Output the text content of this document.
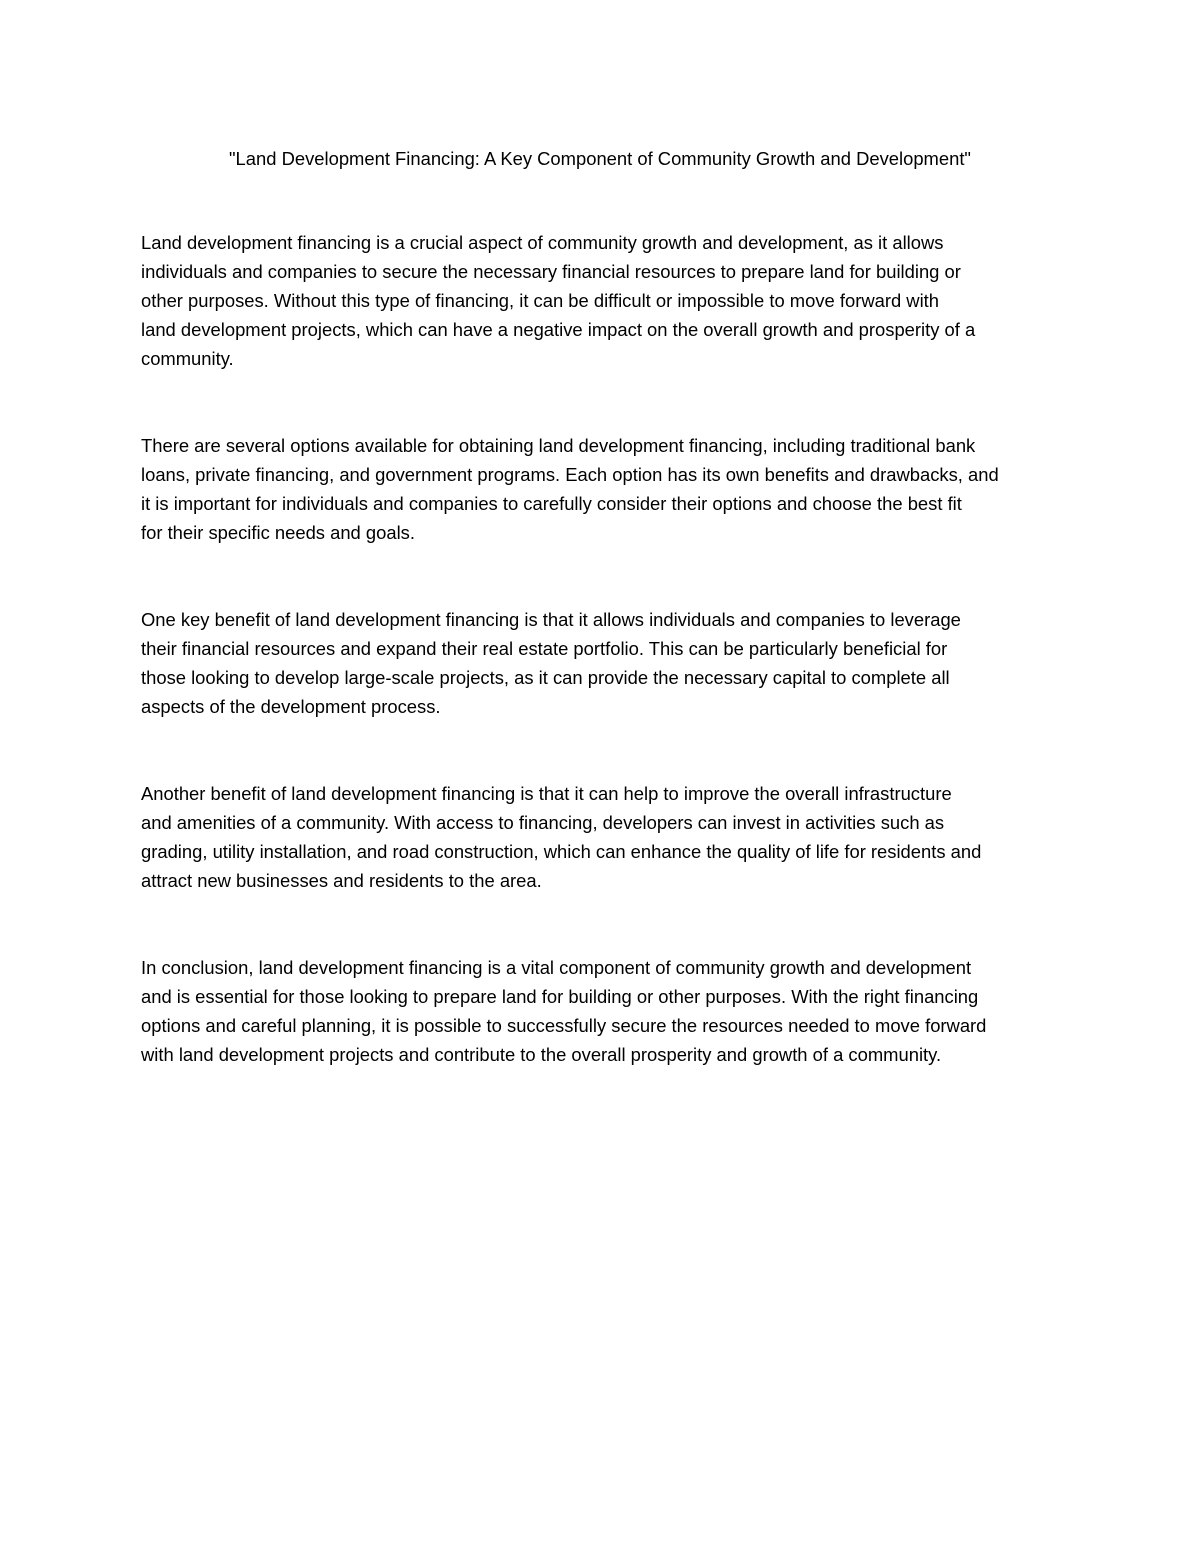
"Land Development Financing: A Key Component of Community Growth and Development"

Land development financing is a crucial aspect of community growth and development, as it allows
individuals and companies to secure the necessary financial resources to prepare land for building or
other purposes. Without this type of financing, it can be difficult or impossible to move forward with
land development projects, which can have a negative impact on the overall growth and prosperity of a
community.

There are several options available for obtaining land development financing, including traditional bank
loans, private financing, and government programs. Each option has its own benefits and drawbacks, and
it is important for individuals and companies to carefully consider their options and choose the best fit
for their specific needs and goals.

One key benefit of land development financing is that it allows individuals and companies to leverage
their financial resources and expand their real estate portfolio. This can be particularly beneficial for
those looking to develop large-scale projects, as it can provide the necessary capital to complete all
aspects of the development process.

Another benefit of land development financing is that it can help to improve the overall infrastructure
and amenities of a community. With access to financing, developers can invest in activities such as
grading, utility installation, and road construction, which can enhance the quality of life for residents and
attract new businesses and residents to the area.

In conclusion, land development financing is a vital component of community growth and development
and is essential for those looking to prepare land for building or other purposes. With the right financing
options and careful planning, it is possible to successfully secure the resources needed to move forward
with land development projects and contribute to the overall prosperity and growth of a community.
